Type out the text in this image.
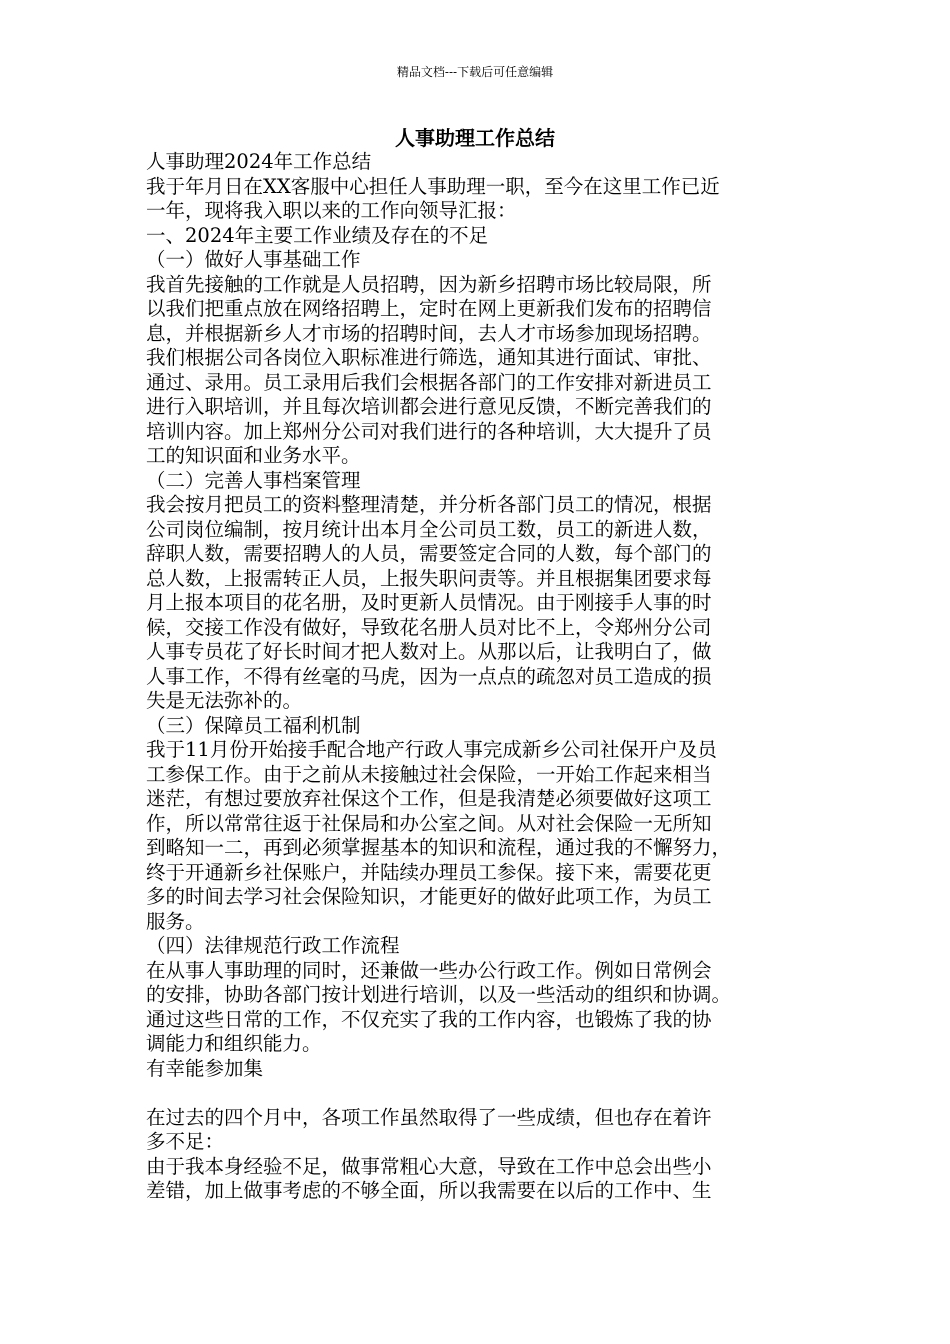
精品文档---下载后可任意编辑
人事助理工作总结

人事助理2024年工作总结

我于年月日在XX客服中心担任人事助理一职，至今在这里工作已近

一年，现将我入职以来的工作向领导汇报：

一、2024年主要工作业绩及存在的不足

（一）做好人事基础工作

我首先接触的工作就是人员招聘，因为新乡招聘市场比较局限，所

以我们把重点放在网络招聘上，定时在网上更新我们发布的招聘信

息，并根据新乡人才市场的招聘时间，去人才市场参加现场招聘。

我们根据公司各岗位入职标准进行筛选，通知其进行面试、审批、

通过、录用。员工录用后我们会根据各部门的工作安排对新进员工

进行入职培训，并且每次培训都会进行意见反馈，不断完善我们的

培训内容。加上郑州分公司对我们进行的各种培训，大大提升了员

工的知识面和业务水平。

（二）完善人事档案管理

我会按月把员工的资料整理清楚，并分析各部门员工的情况，根据

公司岗位编制，按月统计出本月全公司员工数，员工的新进人数，

辞职人数，需要招聘人的人员，需要签定合同的人数，每个部门的

总人数，上报需转正人员，上报失职问责等。并且根据集团要求每

月上报本项目的花名册，及时更新人员情况。由于刚接手人事的时

候，交接工作没有做好，导致花名册人员对比不上，令郑州分公司

人事专员花了好长时间才把人数对上。从那以后，让我明白了，做

人事工作，不得有丝毫的马虎，因为一点点的疏忽对员工造成的损

失是无法弥补的。

（三）保障员工福利机制

我于11月份开始接手配合地产行政人事完成新乡公司社保开户及员

工参保工作。由于之前从未接触过社会保险，一开始工作起来相当

迷茫，有想过要放弃社保这个工作，但是我清楚必须要做好这项工

作，所以常常往返于社保局和办公室之间。从对社会保险一无所知

到略知一二，再到必须掌握基本的知识和流程，通过我的不懈努力，

终于开通新乡社保账户，并陆续办理员工参保。接下来，需要花更

多的时间去学习社会保险知识，才能更好的做好此项工作，为员工

服务。

（四）法律规范行政工作流程

在从事人事助理的同时，还兼做一些办公行政工作。例如日常例会

的安排，协助各部门按计划进行培训，以及一些活动的组织和协调。

通过这些日常的工作，不仅充实了我的工作内容，也锻炼了我的协

调能力和组织能力。

有幸能参加集

在过去的四个月中，各项工作虽然取得了一些成绩，但也存在着许

多不足：

由于我本身经验不足，做事常粗心大意，导致在工作中总会出些小

差错，加上做事考虑的不够全面，所以我需要在以后的工作中、生
